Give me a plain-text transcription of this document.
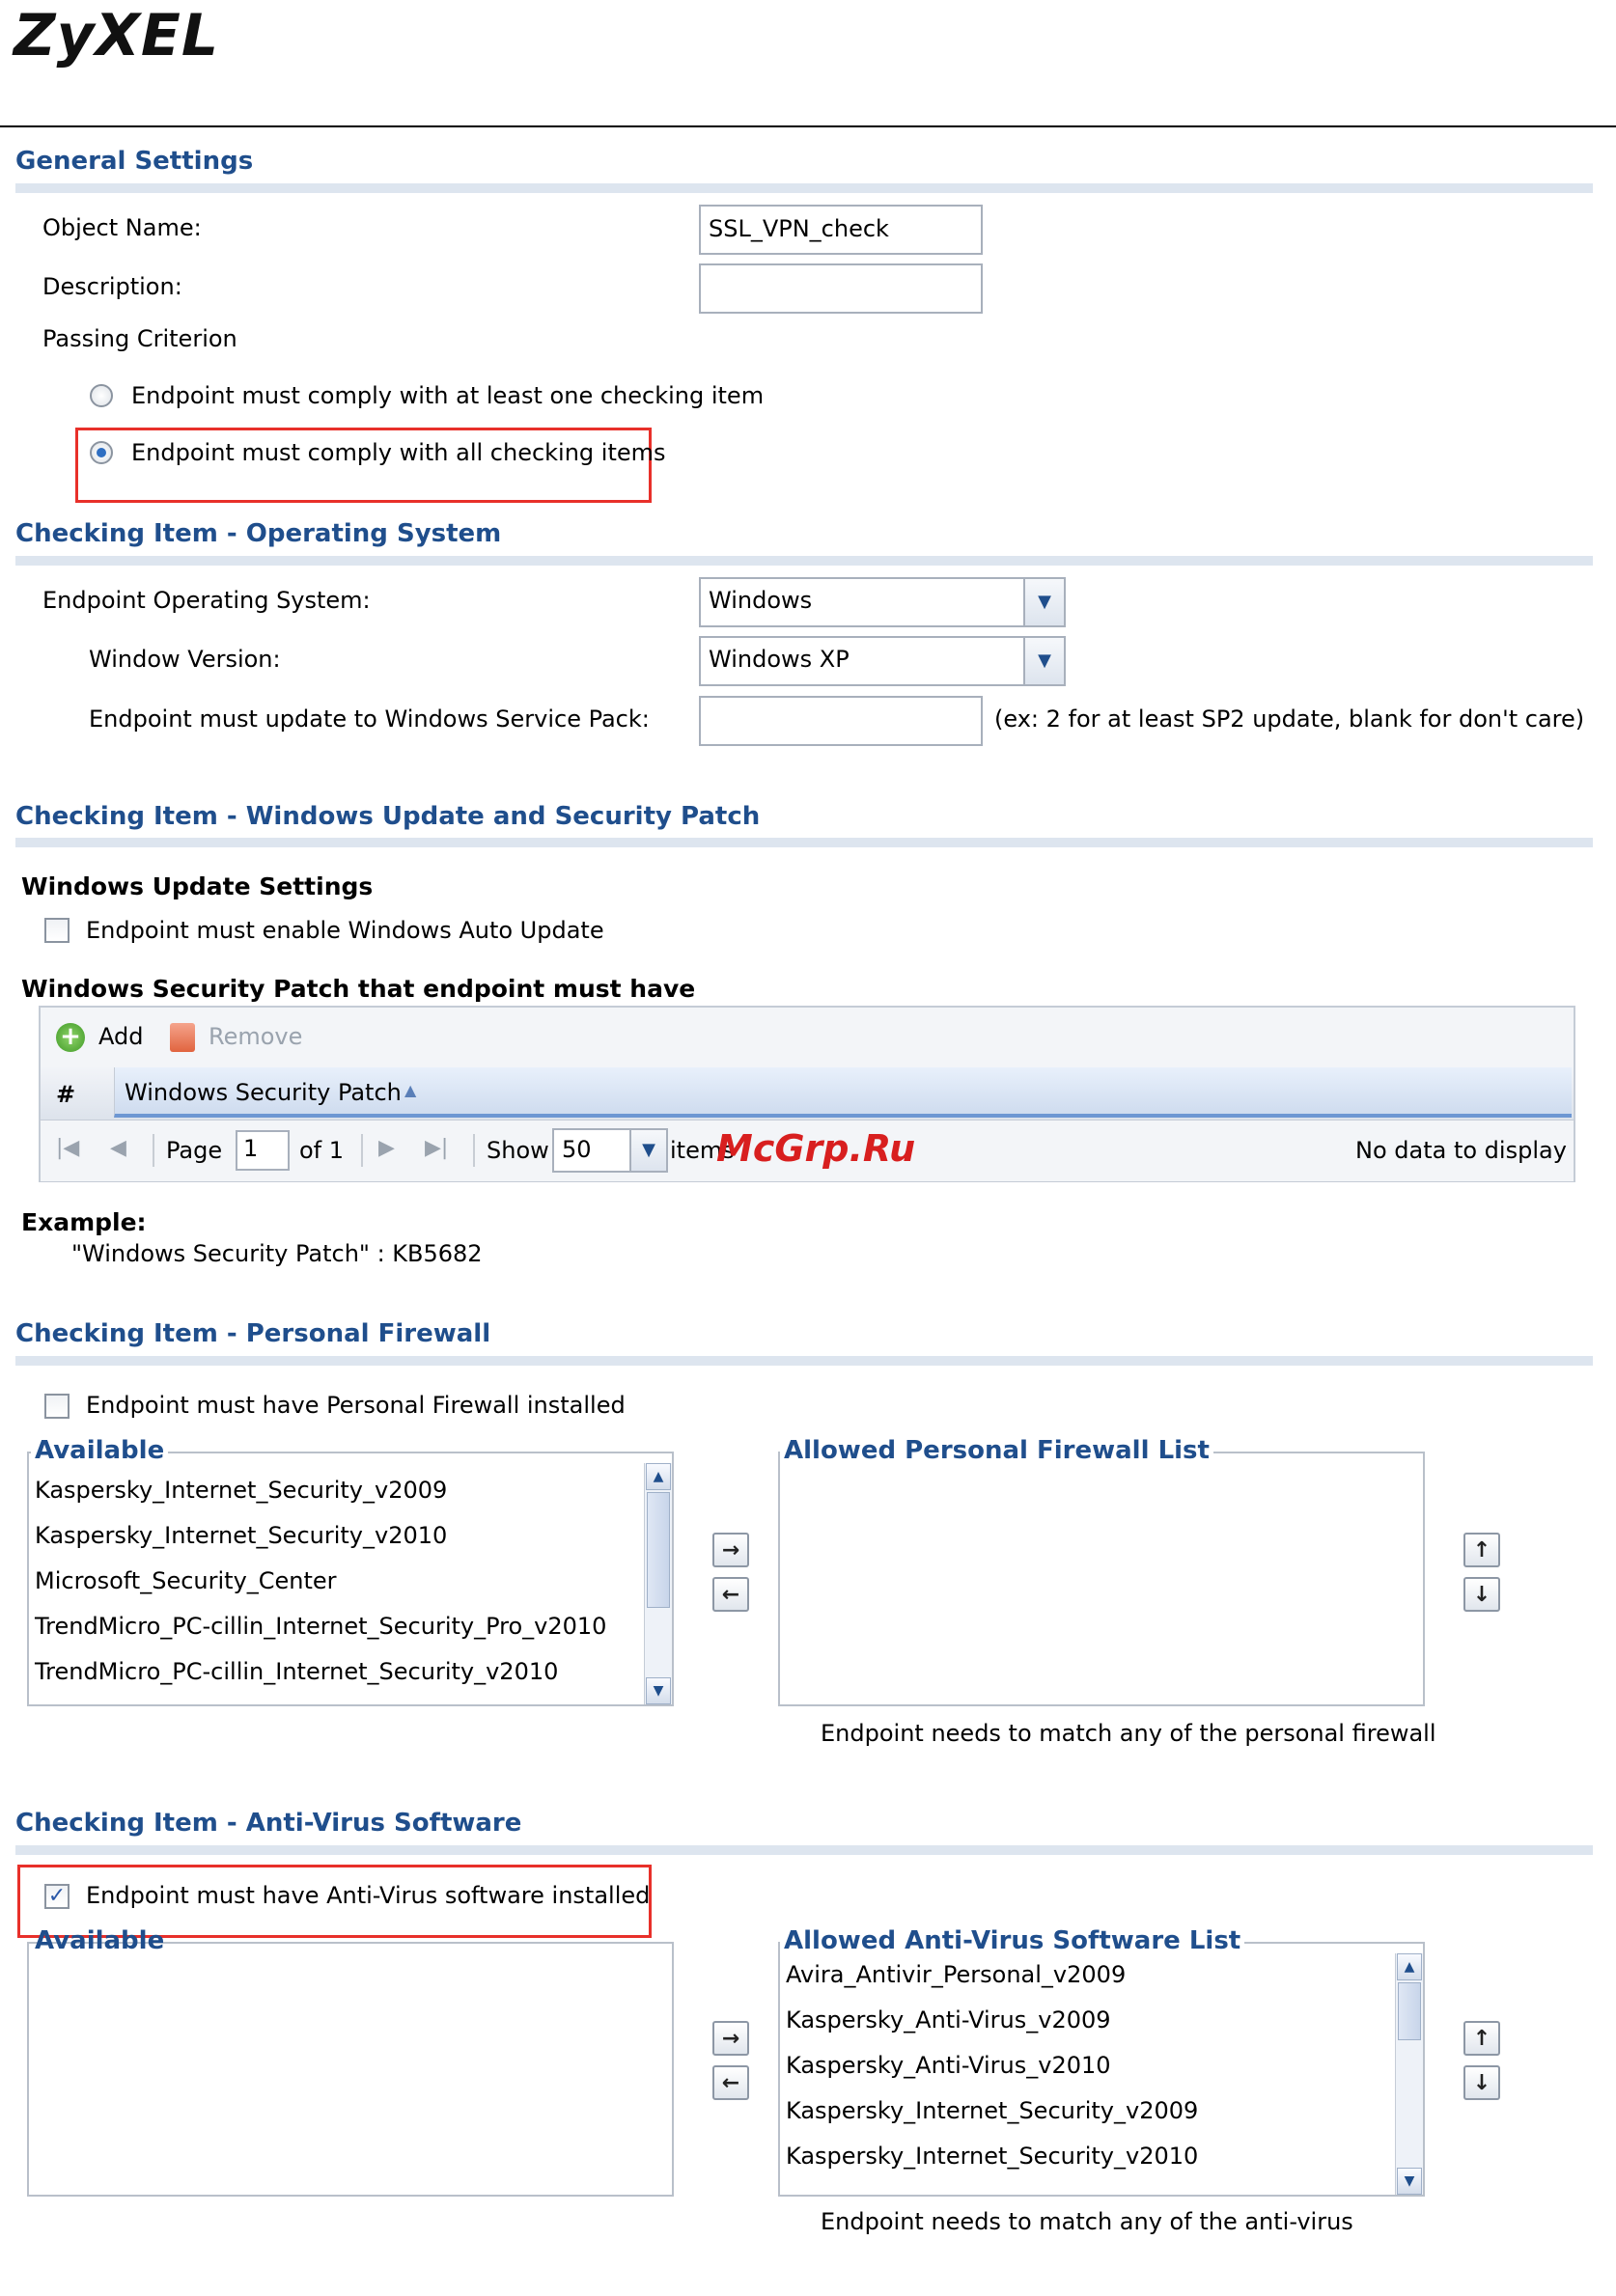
ZyXEL
General Settings
Object Name:	SSL_VPN_check
Description:
Passing Criterion
Endpoint must comply with at least one checking item
Endpoint must comply with all checking items
Checking Item - Operating System
Endpoint Operating System:	Windows	▼
Window Version:	Windows XP	▼
Endpoint must update to Windows Service Pack:	(ex: 2 for at least SP2 update, blank for don't care)
Checking Item - Windows Update and Security Patch
Windows Update Settings
Endpoint must enable Windows Auto Update
Windows Security Patch that endpoint must have
+ Add	Remove
# Windows Security Patch ▲
|◀ ◀ Page 1	of 1 ▶ ▶| Show 50	▼ items	No data to display
McGrp.Ru
Example:
"Windows Security Patch" : KB5682
Checking Item - Personal Firewall
Endpoint must have Personal Firewall installed
Kaspersky_Internet_Security_v2009
Kaspersky_Internet_Security_v2010
Microsoft_Security_Center
TrendMicro_PC-cillin_Internet_Security_Pro_v2010
TrendMicro_PC-cillin_Internet_Security_v2010
▲
▼
Available
→
←
Allowed Personal Firewall List
↑
↓
Endpoint needs to match any of the personal firewall
Checking Item - Anti-Virus Software
✓ Endpoint must have Anti-Virus software installed
Available
→
←
Avira_Antivir_Personal_v2009
Kaspersky_Anti-Virus_v2009
Kaspersky_Anti-Virus_v2010
Kaspersky_Internet_Security_v2009
Kaspersky_Internet_Security_v2010
▲
▼
Allowed Anti-Virus Software List
↑
↓
Endpoint needs to match any of the anti-virus
